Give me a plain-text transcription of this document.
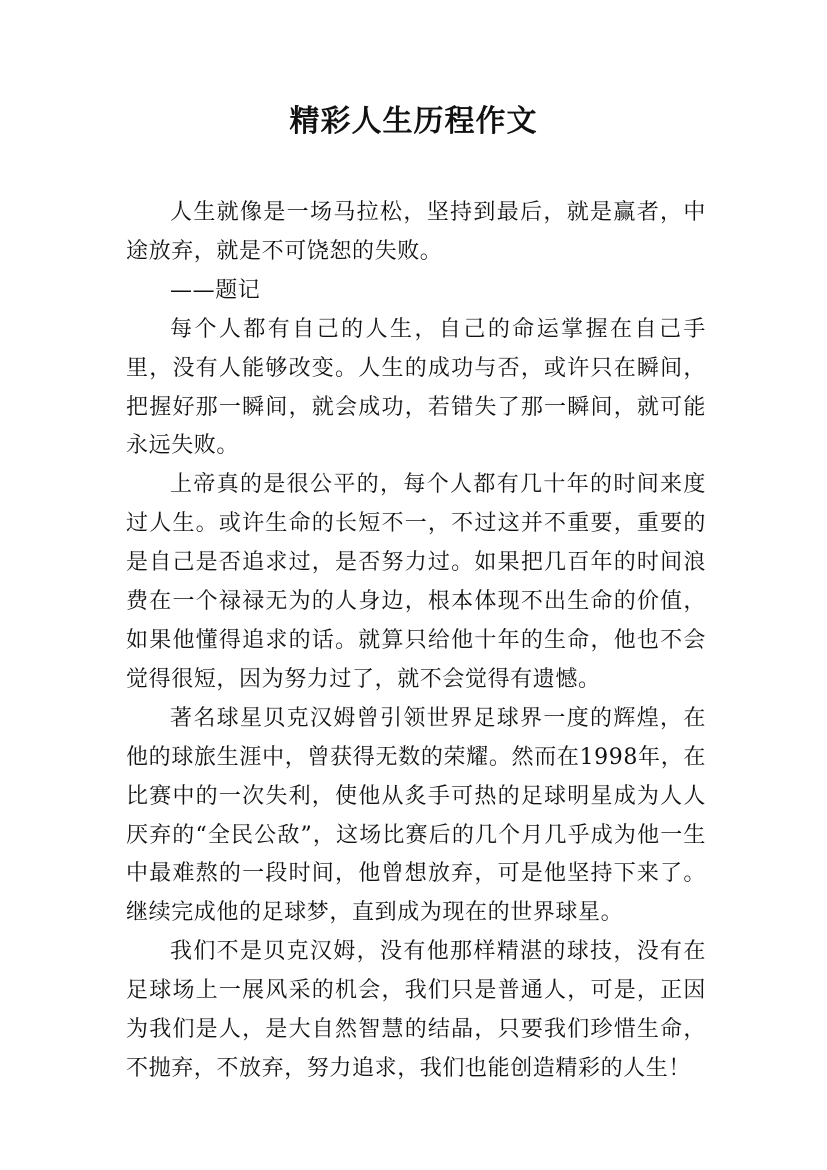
精彩人生历程作文

人生就像是一场马拉松，坚持到最后，就是赢者，中途放弃，就是不可饶恕的失败。

——题记

每个人都有自己的人生，自己的命运掌握在自己手里，没有人能够改变。人生的成功与否，或许只在瞬间，把握好那一瞬间，就会成功，若错失了那一瞬间，就可能永远失败。

上帝真的是很公平的，每个人都有几十年的时间来度过人生。或许生命的长短不一，不过这并不重要，重要的是自己是否追求过，是否努力过。如果把几百年的时间浪费在一个禄禄无为的人身边，根本体现不出生命的价值，如果他懂得追求的话。就算只给他十年的生命，他也不会觉得很短，因为努力过了，就不会觉得有遗憾。

著名球星贝克汉姆曾引领世界足球界一度的辉煌，在他的球旅生涯中，曾获得无数的荣耀。然而在1998年，在比赛中的一次失利，使他从炙手可热的足球明星成为人人厌弃的“全民公敌”，这场比赛后的几个月几乎成为他一生中最难熬的一段时间，他曾想放弃，可是他坚持下来了。继续完成他的足球梦，直到成为现在的世界球星。

我们不是贝克汉姆，没有他那样精湛的球技，没有在足球场上一展风采的机会，我们只是普通人，可是，正因为我们是人，是大自然智慧的结晶，只要我们珍惜生命，不抛弃，不放弃，努力追求，我们也能创造精彩的人生！
